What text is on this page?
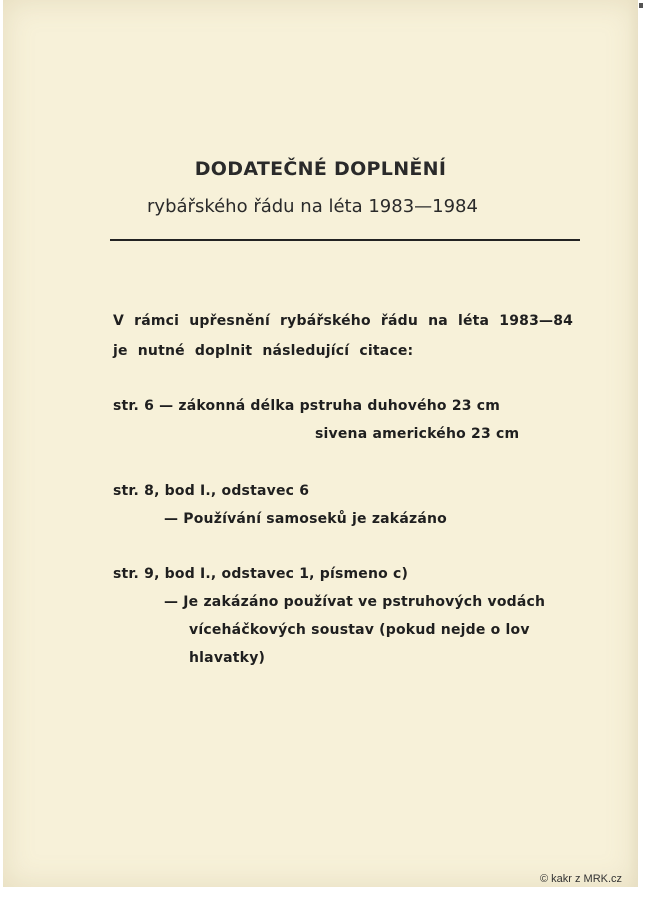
DODATEČNÉ DOPLNĚNÍ
rybářského řádu na léta 1983—1984
V rámci upřesnění rybářského řádu na léta 1983—84
je nutné doplnit následující citace:
str. 6 — zákonná délka pstruha duhového 23 cm
sivena amerického 23 cm
str. 8, bod I., odstavec 6
— Používání samoseků je zakázáno
str. 9, bod I., odstavec 1, písmeno c)
— Je zakázáno používat ve pstruhových vodách
víceháčkových soustav (pokud nejde o lov
hlavatky)
© kakr z MRK.cz
